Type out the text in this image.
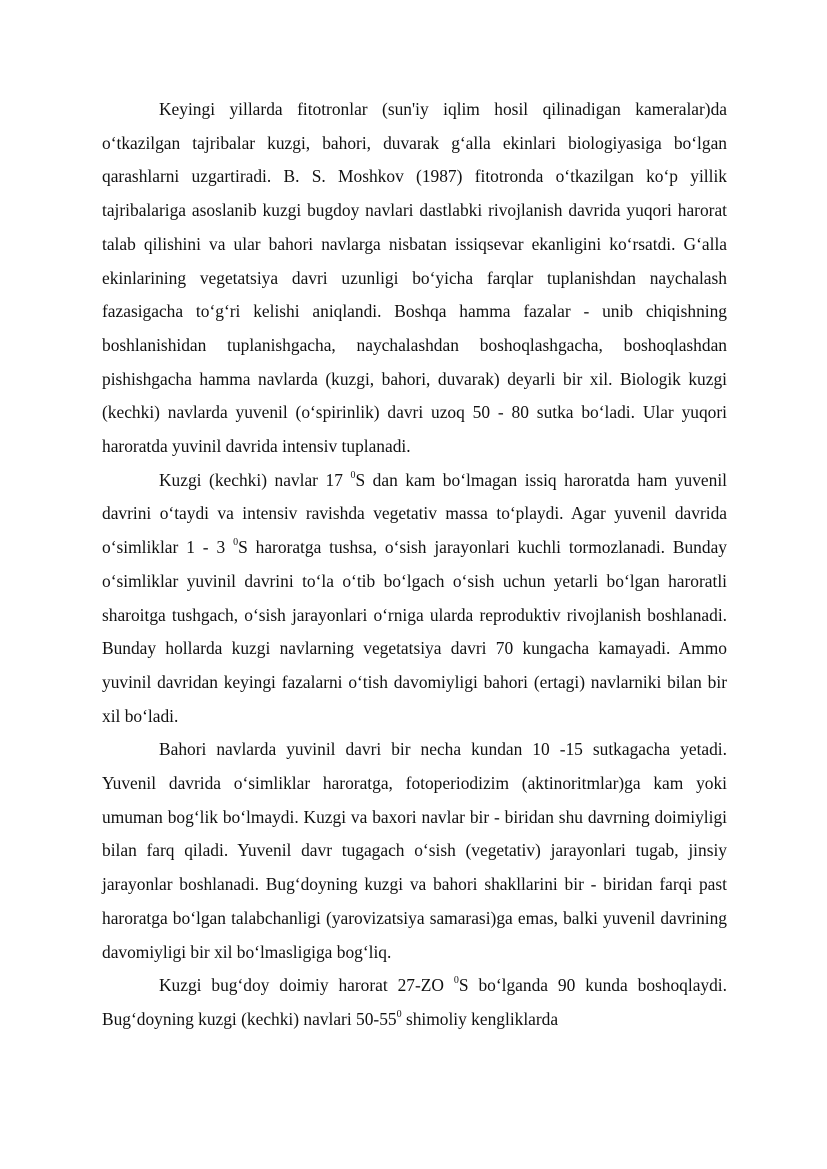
Keyingi yillarda fitotronlar (sun'iy iqlim hosil qilinadigan kameralar)da o‘tkazilgan tajribalar kuzgi, bahori, duvarak g‘alla ekinlari biologiyasiga bo‘lgan qarashlarni uzgartiradi. B. S. Moshkov (1987) fitotronda o‘tkazilgan ko‘p yillik tajribalariga asoslanib kuzgi bugdoy navlari dastlabki rivojlanish davrida yuqori harorat talab qilishini va ular bahori navlarga nisbatan issiqsevar ekanligini ko‘rsatdi. G‘alla ekinlarining vegetatsiya davri uzunligi bo‘yicha farqlar tuplanishdan naychalash fazasigacha to‘g‘ri kelishi aniqlandi. Boshqa hamma fazalar - unib chiqishning boshlanishidan tuplanishgacha, naychalashdan boshoqlashgacha, boshoqlashdan pishishgacha hamma navlarda (kuzgi, bahori, duvarak) deyarli bir xil. Biologik kuzgi (kechki) navlarda yuvenil (o‘spirinlik) davri uzoq 50 - 80 sutka bo‘ladi. Ular yuqori haroratda yuvinil davrida intensiv tuplanadi.

Kuzgi (kechki) navlar 17 $^0$S dan kam bo‘lmagan issiq haroratda ham yuvenil davrini o‘taydi va intensiv ravishda vegetativ massa to‘playdi. Agar yuvenil davrida o‘simliklar 1 - 3 $^0$S haroratga tushsa, o‘sish jarayonlari kuchli tormozlanadi. Bunday o‘simliklar yuvinil davrini to‘la o‘tib bo‘lgach o‘sish uchun yetarli bo‘lgan haroratli sharoitga tushgach, o‘sish jarayonlari o‘rniga ularda reproduktiv rivojlanish boshlanadi. Bunday hollarda kuzgi navlarning vegetatsiya davri 70 kungacha kamayadi. Ammo yuvinil davridan keyingi fazalarni o‘tish davomiyligi bahori (ertagi) navlarniki bilan bir xil bo‘ladi.

Bahori navlarda yuvinil davri bir necha kundan 10 -15 sutkagacha yetadi. Yuvenil davrida o‘simliklar haroratga, fotoperiodizim (aktinoritmlar)ga kam yoki umuman bog‘lik bo‘lmaydi. Kuzgi va baxori navlar bir - biridan shu davrning doimiyligi bilan farq qiladi. Yuvenil davr tugagach o‘sish (vegetativ) jarayonlari tugab, jinsiy jarayonlar boshlanadi. Bug‘doyning kuzgi va bahori shakllarini bir - biridan farqi past haroratga bo‘lgan talabchanligi (yarovizatsiya samarasi)ga emas, balki yuvenil davrining davomiyligi bir xil bo‘lmasligiga bog‘liq.

Kuzgi bug‘doy doimiy harorat 27-ZO $^0$S bo‘lganda 90 kunda boshoqlaydi. Bug‘doyning kuzgi (kechki) navlari $50-55^0$ shimoliy kengliklarda
